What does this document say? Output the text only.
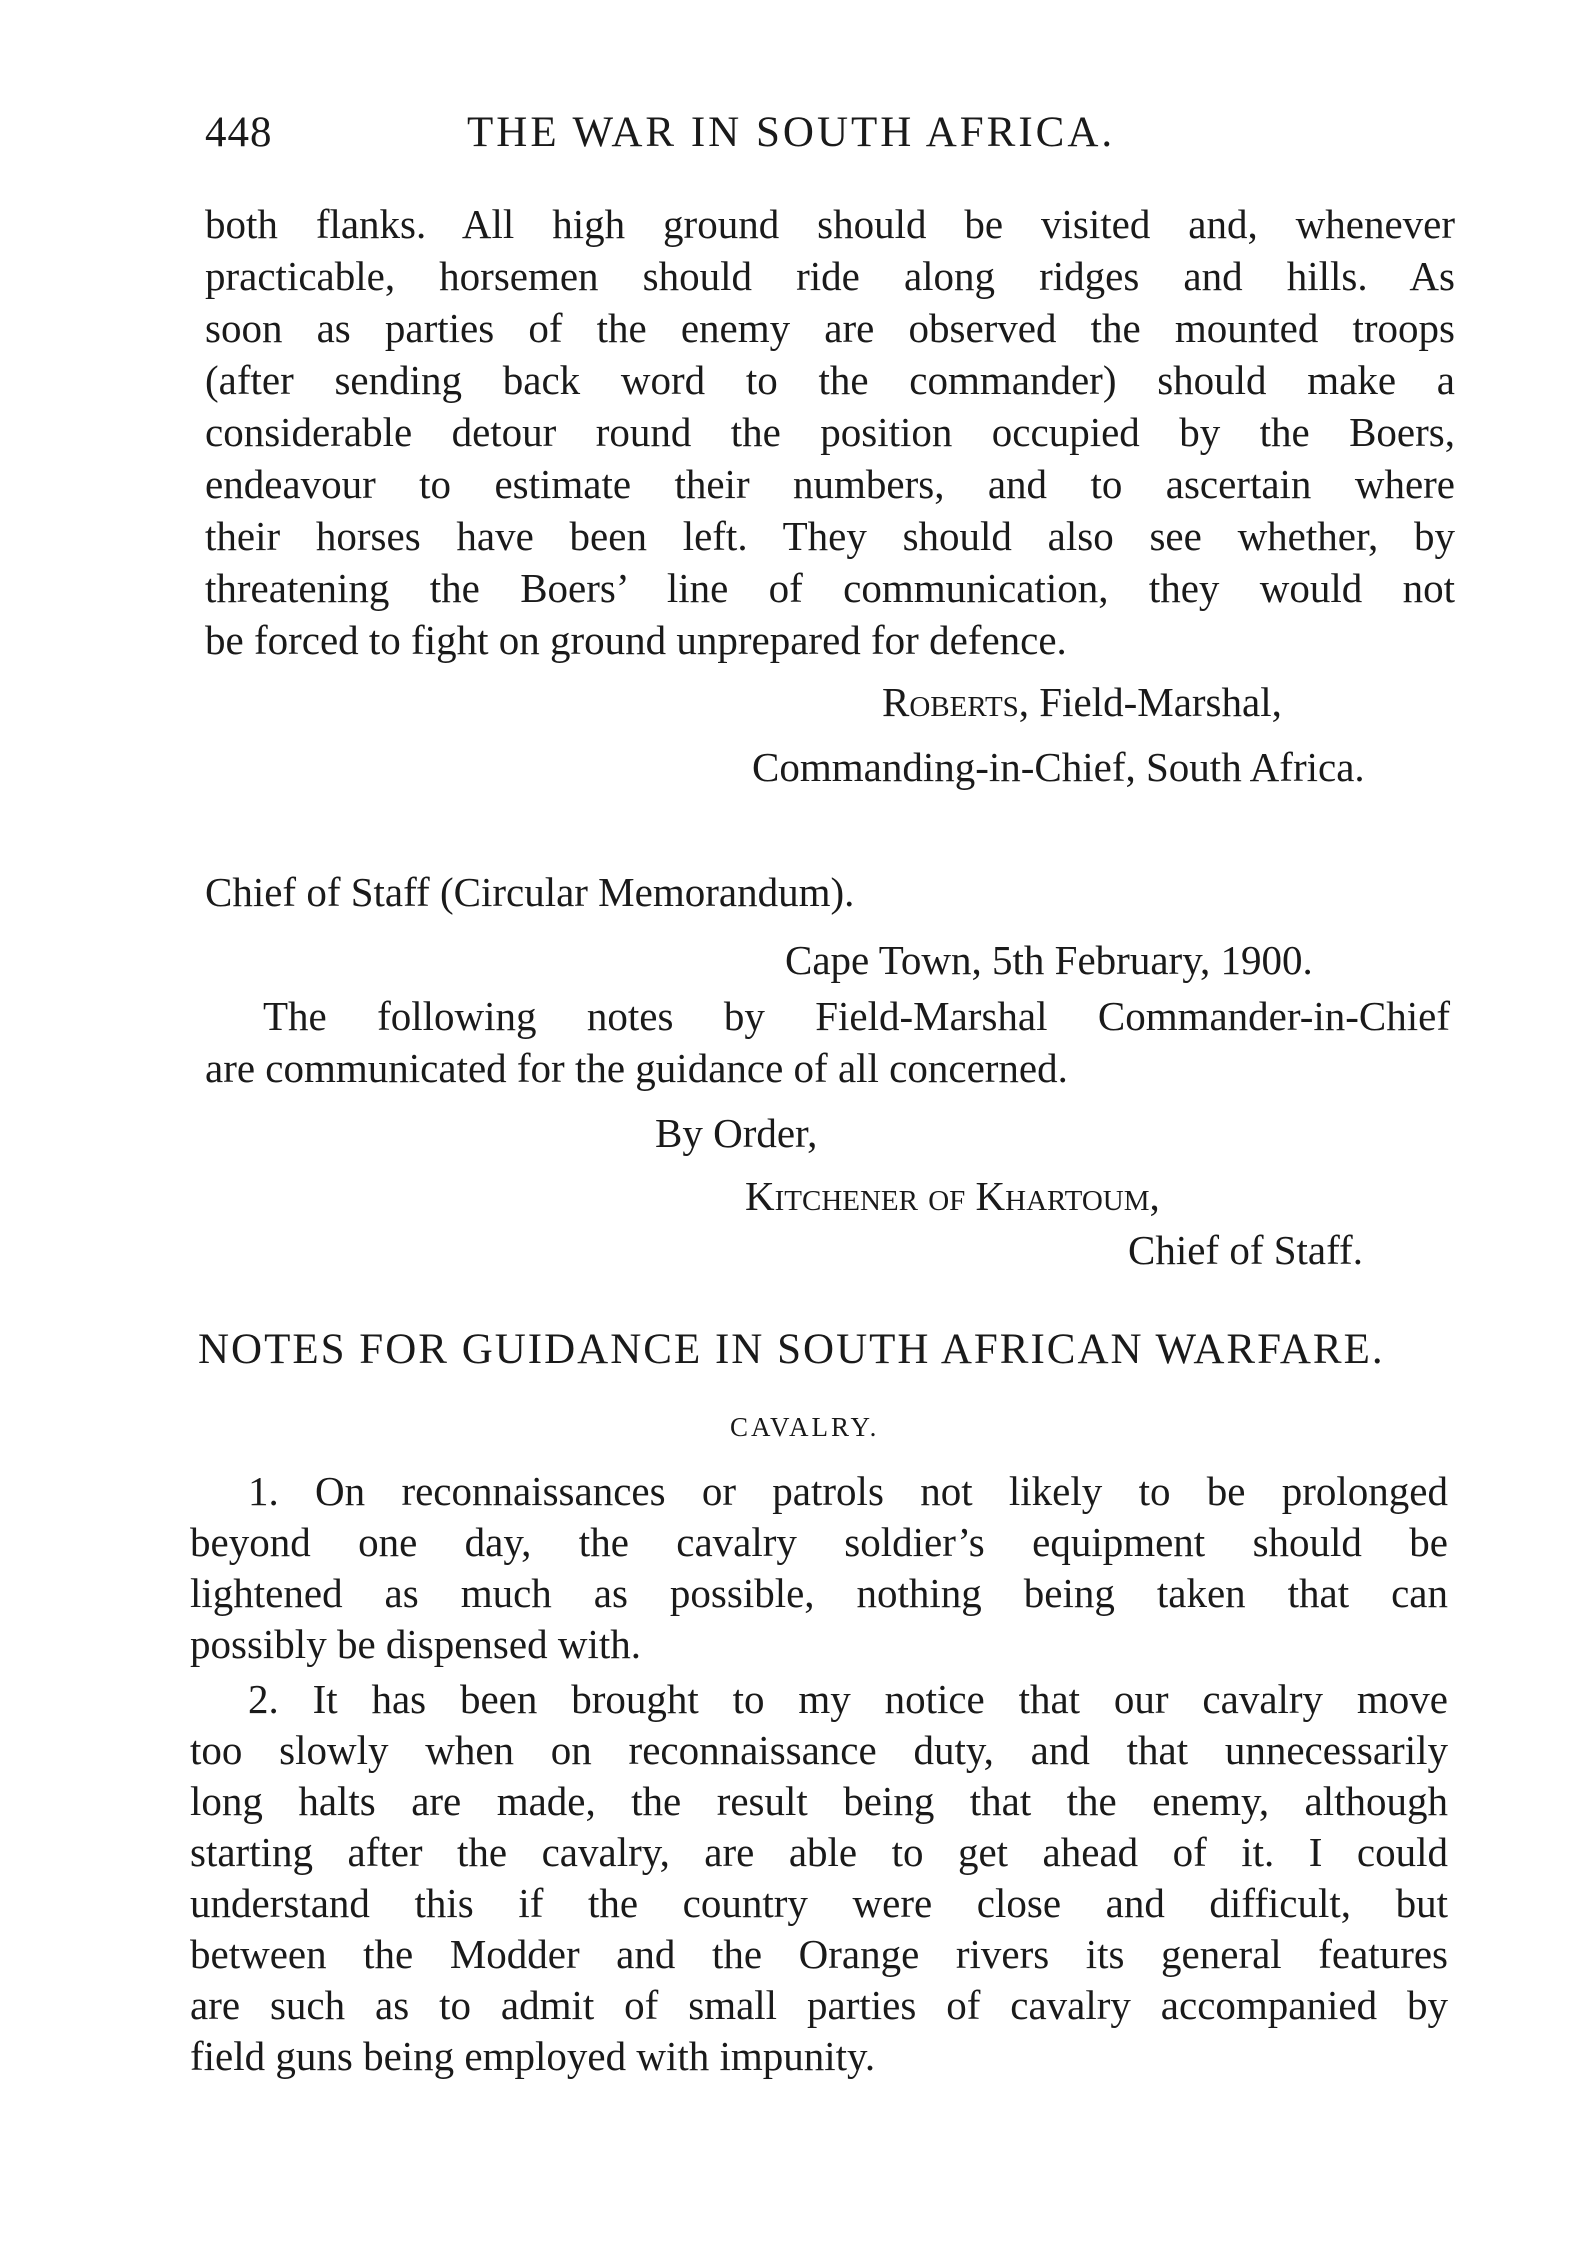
448	THE WAR IN SOUTH AFRICA.
both flanks. All high ground should be visited and, whenever
practicable, horsemen should ride along ridges and hills. As
soon as parties of the enemy are observed the mounted troops
(after sending back word to the commander) should make a
considerable detour round the position occupied by the Boers,
endeavour to estimate their numbers, and to ascertain where
their horses have been left. They should also see whether, by
threatening the Boers’ line of communication, they would not
be forced to fight on ground unprepared for defence.
Roberts, Field-Marshal,
Commanding-in-Chief, South Africa.
Chief of Staff (Circular Memorandum).
Cape Town, 5th February, 1900.
The following notes by Field-Marshal Commander-in-Chief
are communicated for the guidance of all concerned.
By Order,
Kitchener of Khartoum,
Chief of Staff.
NOTES FOR GUIDANCE IN SOUTH AFRICAN WARFARE.
CAVALRY.
1. On reconnaissances or patrols not likely to be prolonged
beyond one day, the cavalry soldier’s equipment should be
lightened as much as possible, nothing being taken that can
possibly be dispensed with.
2. It has been brought to my notice that our cavalry move
too slowly when on reconnaissance duty, and that unnecessarily
long halts are made, the result being that the enemy, although
starting after the cavalry, are able to get ahead of it. I could
understand this if the country were close and difficult, but
between the Modder and the Orange rivers its general features
are such as to admit of small parties of cavalry accompanied by
field guns being employed with impunity.
